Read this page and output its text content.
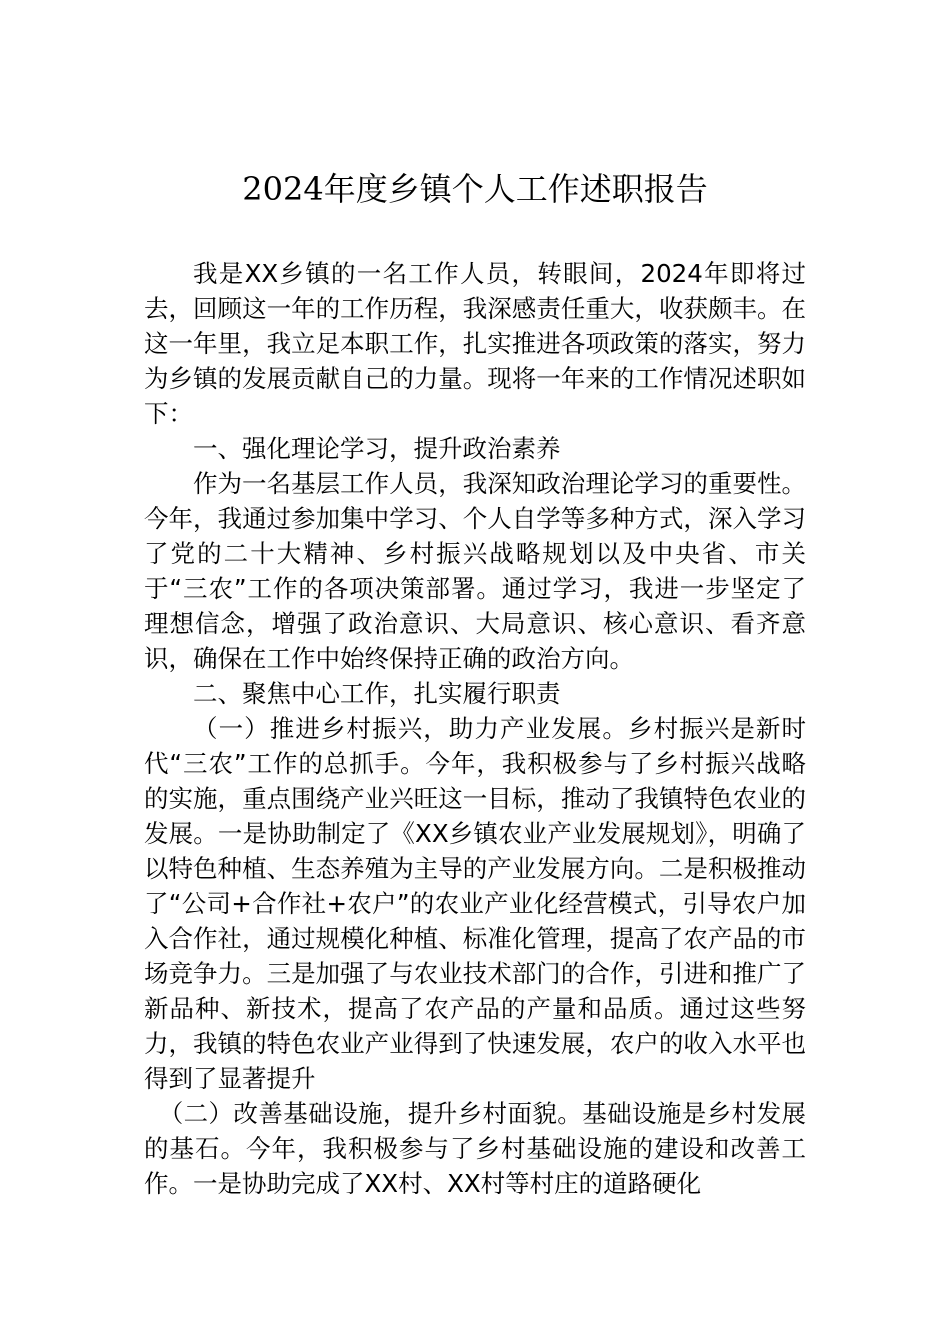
2024年度乡镇个人工作述职报告

我是XX乡镇的一名工作人员，转眼间，2024年即将过去，回顾这一年的工作历程，我深感责任重大，收获颇丰。在这一年里，我立足本职工作，扎实推进各项政策的落实，努力为乡镇的发展贡献自己的力量。现将一年来的工作情况述职如下：

一、强化理论学习，提升政治素养

作为一名基层工作人员，我深知政治理论学习的重要性。今年，我通过参加集中学习、个人自学等多种方式，深入学习了党的二十大精神、乡村振兴战略规划以及中央省、市关于“三农”工作的各项决策部署。通过学习，我进一步坚定了理想信念，增强了政治意识、大局意识、核心意识、看齐意识，确保在工作中始终保持正确的政治方向。

二、聚焦中心工作，扎实履行职责

（一）推进乡村振兴，助力产业发展。乡村振兴是新时代“三农”工作的总抓手。今年，我积极参与了乡村振兴战略的实施，重点围绕产业兴旺这一目标，推动了我镇特色农业的发展。一是协助制定了《XX乡镇农业产业发展规划》，明确了以特色种植、生态养殖为主导的产业发展方向。二是积极推动了“公司+合作社+农户”的农业产业化经营模式，引导农户加入合作社，通过规模化种植、标准化管理，提高了农产品的市场竞争力。三是加强了与农业技术部门的合作，引进和推广了新品种、新技术，提高了农产品的产量和品质。通过这些努力，我镇的特色农业产业得到了快速发展，农户的收入水平也得到了显著提升

（二）改善基础设施，提升乡村面貌。基础设施是乡村发展的基石。今年，我积极参与了乡村基础设施的建设和改善工作。一是协助完成了XX村、XX村等村庄的道路硬化
